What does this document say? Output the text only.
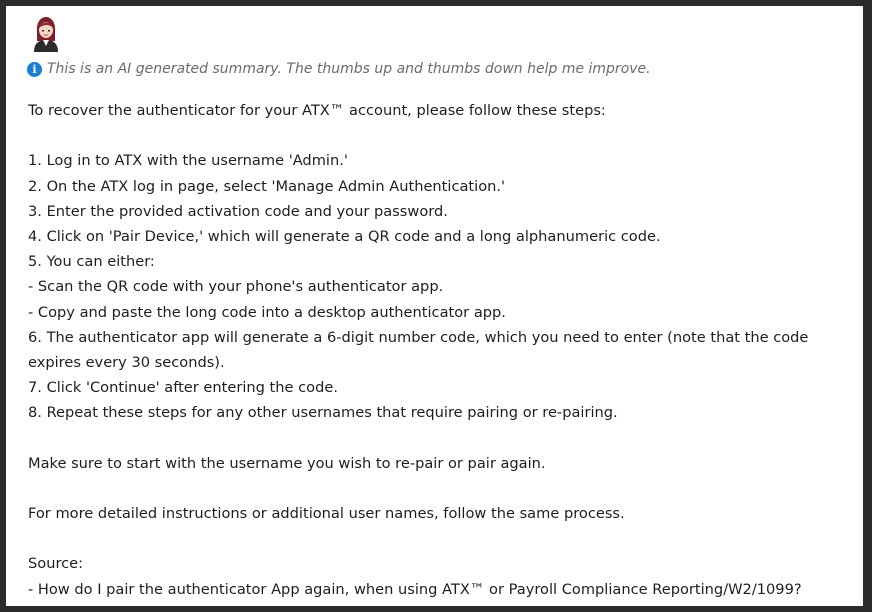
i This is an AI generated summary. The thumbs up and thumbs down help me improve.
To recover the authenticator for your ATX™ account, please follow these steps:
1. Log in to ATX with the username 'Admin.'
2. On the ATX log in page, select 'Manage Admin Authentication.'
3. Enter the provided activation code and your password.
4. Click on 'Pair Device,' which will generate a QR code and a long alphanumeric code.
5. You can either:
- Scan the QR code with your phone's authenticator app.
- Copy and paste the long code into a desktop authenticator app.
6. The authenticator app will generate a 6-digit number code, which you need to enter (note that the code expires every 30 seconds).
7. Click 'Continue' after entering the code.
8. Repeat these steps for any other usernames that require pairing or re-pairing.
Make sure to start with the username you wish to re-pair or pair again.
For more detailed instructions or additional user names, follow the same process.
Source:
- How do I pair the authenticator App again, when using ATX™ or Payroll Compliance Reporting/W2/1099?
